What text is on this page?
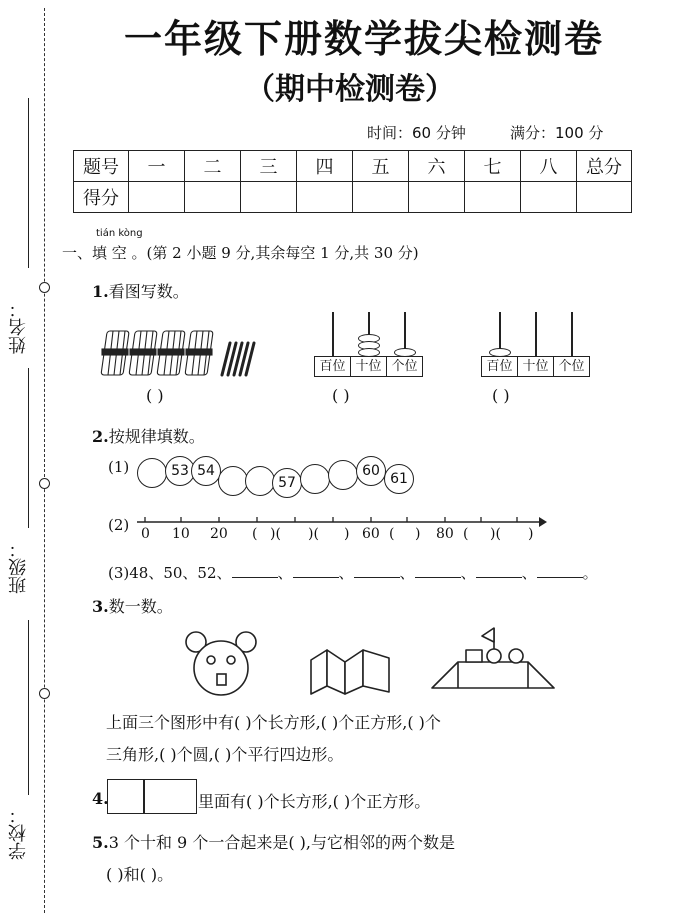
姓名：
班级：
学校：
一年级下册数学拔尖检测卷
（期中检测卷）
时间：60 分钟	满分：100 分
题号	一	二	三	四	五	六	七	八	总分
得分									
tián kòng
一、填 空 。(第 2 小题 9 分,其余每空 1 分,共 30 分)
1.看图写数。
( )
百位 十位 个位
( )
百位 十位 个位
( )
2.按规律填数。
(1)	53 54
57
60 61
(2) 0 10 20 ( )( )( ) 60 ( ) 80 ( )( )
(3)48、50、52、	、	、	、	、	、	。
3.数一数。
上面三个图形中有( )个长方形,( )个正方形,( )个
三角形,( )个圆,( )个平行四边形。
4.	里面有( )个长方形,( )个正方形。
5.3 个十和 9 个一合起来是( ),与它相邻的两个数是
( )和( )。
